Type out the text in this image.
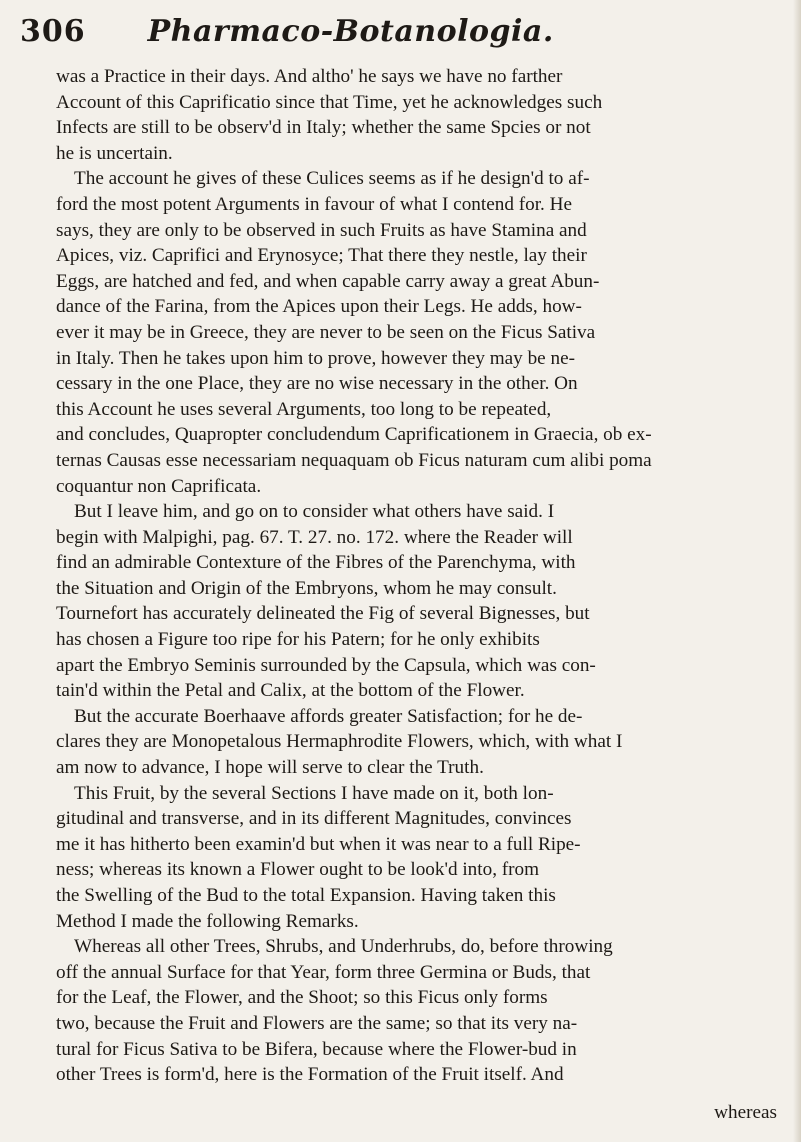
306 Pharmaco-Botanologia.
was a Practice in their days. And altho' he says we have no farther
Account of this Caprificatio since that Time, yet he acknowledges such
Infects are still to be observ'd in Italy; whether the same Spcies or not
he is uncertain.
The account he gives of these Culices seems as if he design'd to af-
ford the most potent Arguments in favour of what I contend for. He
says, they are only to be observed in such Fruits as have Stamina and
Apices, viz. Caprifici and Erynosyce; That there they nestle, lay their
Eggs, are hatched and fed, and when capable carry away a great Abun-
dance of the Farina, from the Apices upon their Legs. He adds, how-
ever it may be in Greece, they are never to be seen on the Ficus Sativa
in Italy. Then he takes upon him to prove, however they may be ne-
cessary in the one Place, they are no wise necessary in the other. On
this Account he uses several Arguments, too long to be repeated,
and concludes, Quapropter concludendum Caprificationem in Graecia, ob ex-
ternas Causas esse necessariam nequaquam ob Ficus naturam cum alibi poma
coquantur non Caprificata.
But I leave him, and go on to consider what others have said. I
begin with Malpighi, pag. 67. T. 27. no. 172. where the Reader will
find an admirable Contexture of the Fibres of the Parenchyma, with
the Situation and Origin of the Embryons, whom he may consult.
Tournefort has accurately delineated the Fig of several Bignesses, but
has chosen a Figure too ripe for his Patern; for he only exhibits
apart the Embryo Seminis surrounded by the Capsula, which was con-
tain'd within the Petal and Calix, at the bottom of the Flower.
But the accurate Boerhaave affords greater Satisfaction; for he de-
clares they are Monopetalous Hermaphrodite Flowers, which, with what I
am now to advance, I hope will serve to clear the Truth.
This Fruit, by the several Sections I have made on it, both lon-
gitudinal and transverse, and in its different Magnitudes, convinces
me it has hitherto been examin'd but when it was near to a full Ripe-
ness; whereas its known a Flower ought to be look'd into, from
the Swelling of the Bud to the total Expansion. Having taken this
Method I made the following Remarks.
Whereas all other Trees, Shrubs, and Underhrubs, do, before throwing
off the annual Surface for that Year, form three Germina or Buds, that
for the Leaf, the Flower, and the Shoot; so this Ficus only forms
two, because the Fruit and Flowers are the same; so that its very na-
tural for Ficus Sativa to be Bifera, because where the Flower-bud in
other Trees is form'd, here is the Formation of the Fruit itself. And
whereas
